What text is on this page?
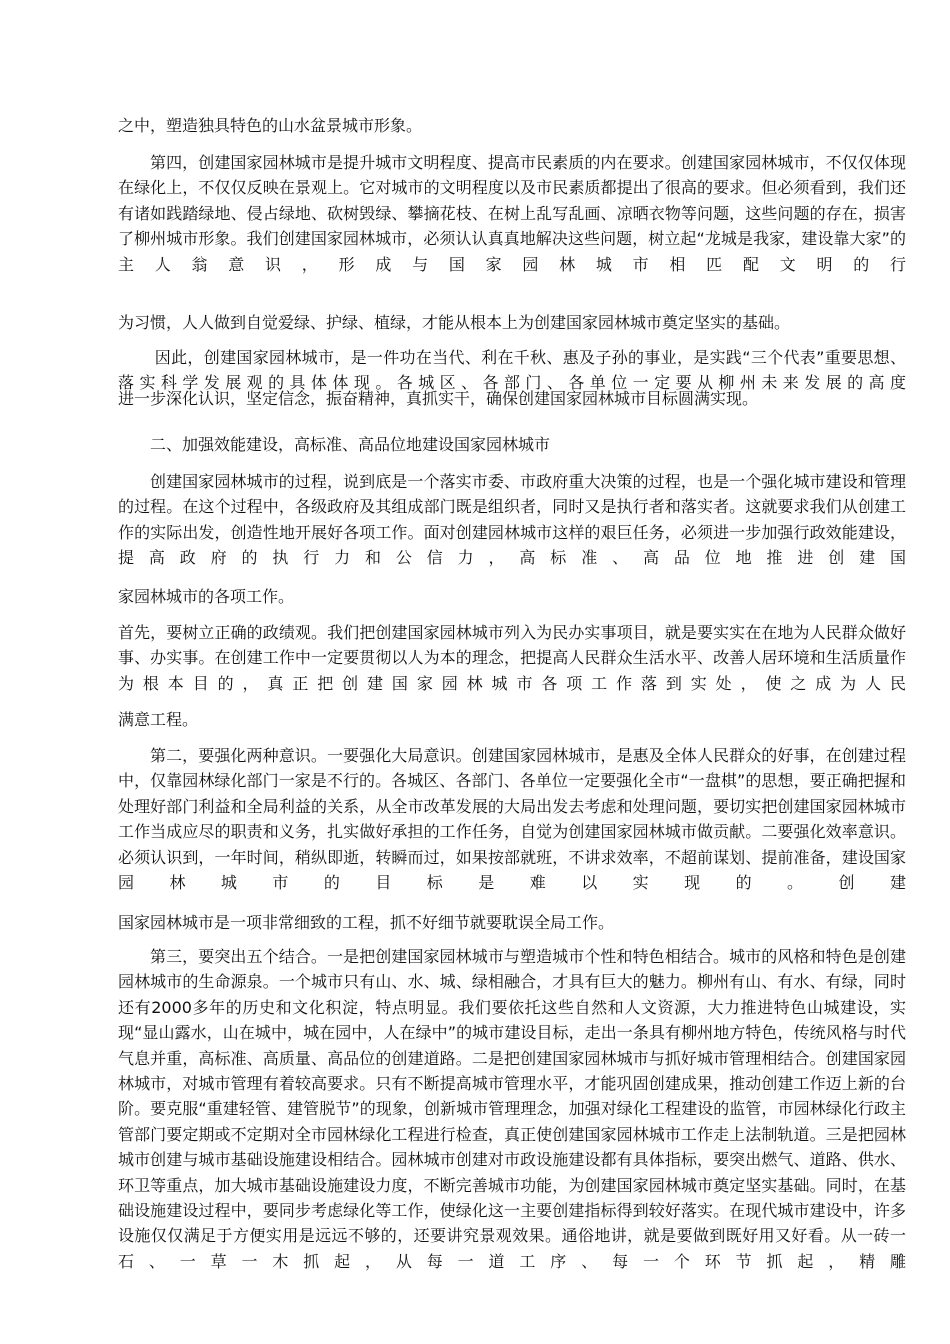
之中，塑造独具特色的山水盆景城市形象。

第四，创建国家园林城市是提升城市文明程度、提高市民素质的内在要求。创建国家园林城市，不仅仅体现在绿化上，不仅仅反映在景观上。它对城市的文明程度以及市民素质都提出了很高的要求。但必须看到，我们还有诸如践踏绿地、侵占绿地、砍树毁绿、攀摘花枝、在树上乱写乱画、凉晒衣物等问题，这些问题的存在，损害了柳州城市形象。我们创建国家园林城市，必须认认真真地解决这些问题，树立起“龙城是我家，建设靠大家”的主人翁意识，形成与国家园林城市相匹配文明的行

为习惯，人人做到自觉爱绿、护绿、植绿，才能从根本上为创建国家园林城市奠定坚实的基础。

因此，创建国家园林城市，是一件功在当代、利在千秋、惠及子孙的事业，是实践“三个代表”重要思想、落实科学发展观的具体体现。各城区、各部门、各单位一定要从柳州未来发展的高度

进一步深化认识，坚定信念，振奋精神，真抓实干，确保创建国家园林城市目标圆满实现。

二、加强效能建设，高标准、高品位地建设国家园林城市

创建国家园林城市的过程，说到底是一个落实市委、市政府重大决策的过程，也是一个强化城市建设和管理的过程。在这个过程中，各级政府及其组成部门既是组织者，同时又是执行者和落实者。这就要求我们从创建工作的实际出发，创造性地开展好各项工作。面对创建园林城市这样的艰巨任务，必须进一步加强行政效能建设，提高政府的执行力和公信力，高标准、高品位地推进创建国

家园林城市的各项工作。

首先，要树立正确的政绩观。我们把创建国家园林城市列入为民办实事项目，就是要实实在在地为人民群众做好事、办实事。在创建工作中一定要贯彻以人为本的理念，把提高人民群众生活水平、改善人居环境和生活质量作为根本目的，真正把创建国家园林城市各项工作落到实处，使之成为人民

满意工程。

第二，要强化两种意识。一要强化大局意识。创建国家园林城市，是惠及全体人民群众的好事，在创建过程中，仅靠园林绿化部门一家是不行的。各城区、各部门、各单位一定要强化全市“一盘棋”的思想，要正确把握和处理好部门利益和全局利益的关系，从全市改革发展的大局出发去考虑和处理问题，要切实把创建国家园林城市工作当成应尽的职责和义务，扎实做好承担的工作任务，自觉为创建国家园林城市做贡献。二要强化效率意识。必须认识到，一年时间，稍纵即逝，转瞬而过，如果按部就班，不讲求效率，不超前谋划、提前准备，建设国家园林城市的目标是难以实现的。创建

国家园林城市是一项非常细致的工程，抓不好细节就要耽误全局工作。

第三，要突出五个结合。一是把创建国家园林城市与塑造城市个性和特色相结合。城市的风格和特色是创建园林城市的生命源泉。一个城市只有山、水、城、绿相融合，才具有巨大的魅力。柳州有山、有水、有绿，同时还有2000多年的历史和文化积淀，特点明显。我们要依托这些自然和人文资源，大力推进特色山城建设，实现“显山露水，山在城中，城在园中，人在绿中”的城市建设目标，走出一条具有柳州地方特色，传统风格与时代气息并重，高标准、高质量、高品位的创建道路。二是把创建国家园林城市与抓好城市管理相结合。创建国家园林城市，对城市管理有着较高要求。只有不断提高城市管理水平，才能巩固创建成果，推动创建工作迈上新的台阶。要克服“重建轻管、建管脱节”的现象，创新城市管理理念，加强对绿化工程建设的监管，市园林绿化行政主管部门要定期或不定期对全市园林绿化工程进行检查，真正使创建国家园林城市工作走上法制轨道。三是把园林城市创建与城市基础设施建设相结合。园林城市创建对市政设施建设都有具体指标，要突出燃气、道路、供水、环卫等重点，加大城市基础设施建设力度，不断完善城市功能，为创建国家园林城市奠定坚实基础。同时，在基础设施建设过程中，要同步考虑绿化等工作，使绿化这一主要创建指标得到较好落实。在现代城市建设中，许多设施仅仅满足于方便实用是远远不够的，还要讲究景观效果。通俗地讲，就是要做到既好用又好看。从一砖一石、一草一木抓起，从每一道工序、每一个环节抓起，精雕
